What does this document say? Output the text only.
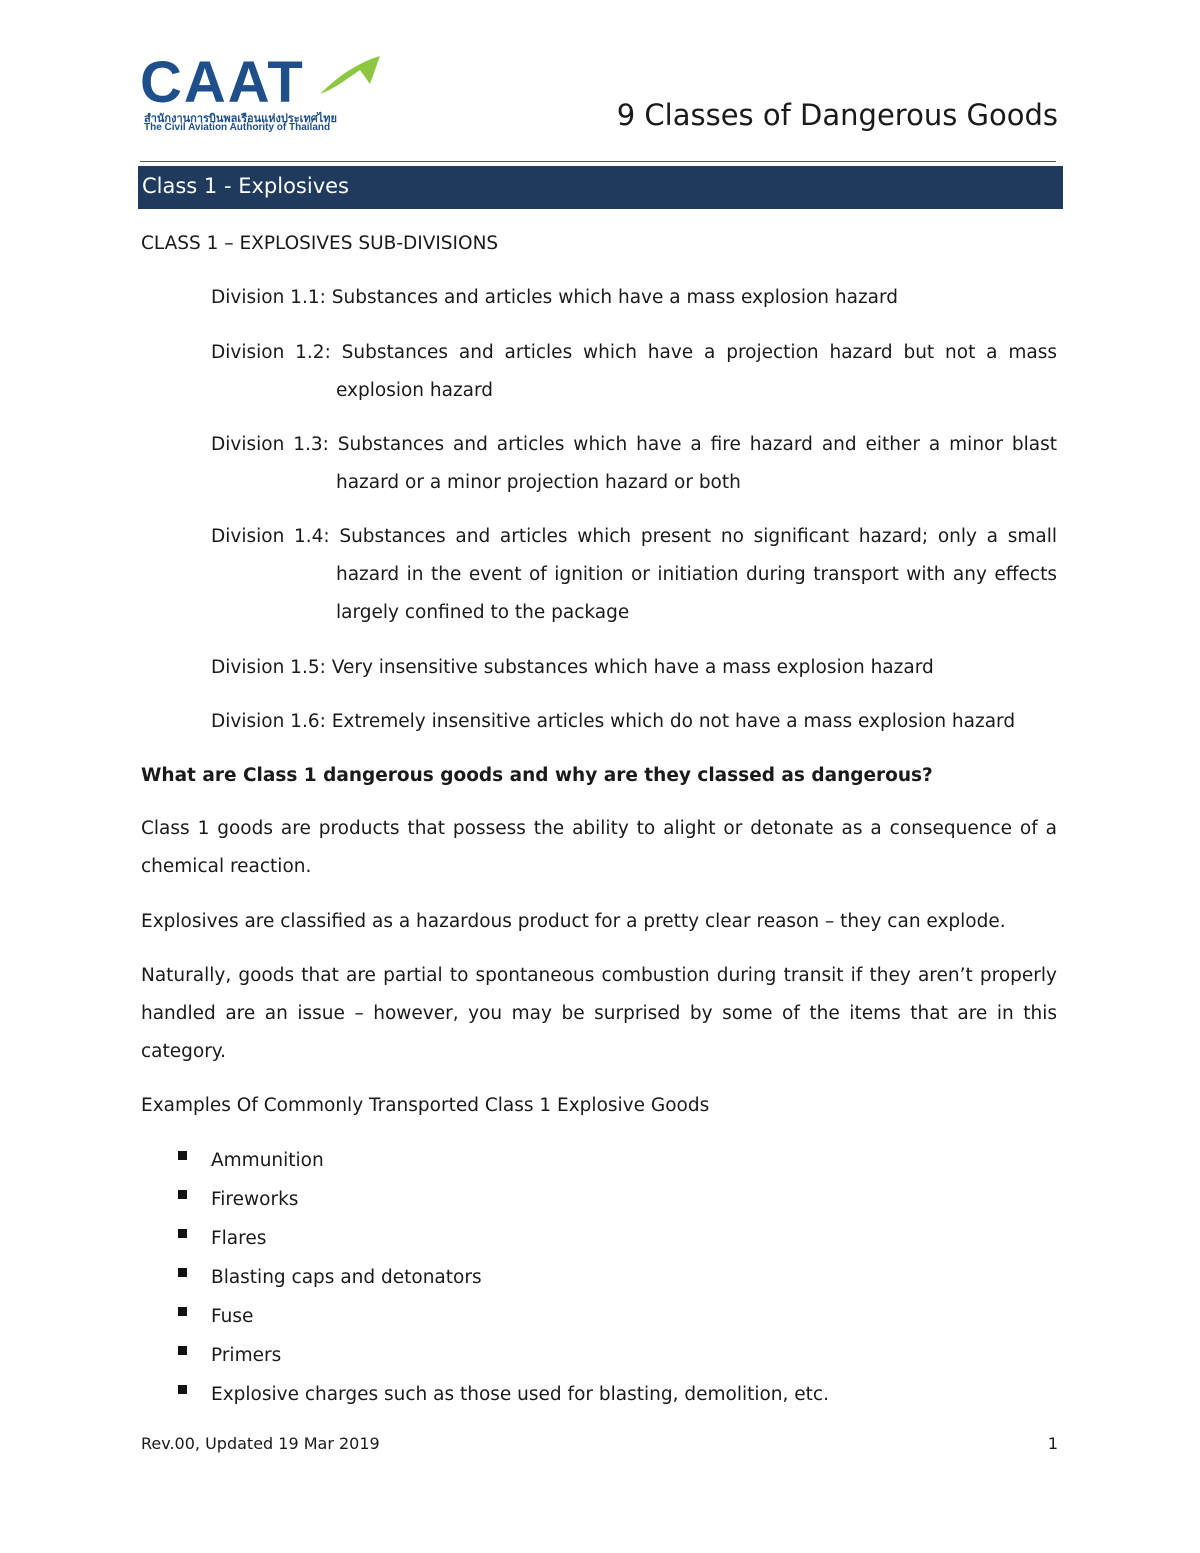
CAAT
สำนักงานการบินพลเรือนแห่งประเทศไทย
The Civil Aviation Authority of Thailand	9 Classes of Dangerous Goods
Class 1 - Explosives
CLASS 1 – EXPLOSIVES SUB-DIVISIONS
Division 1.1: Substances and articles which have a mass explosion hazard
Division 1.2: Substances and articles which have a projection hazard but not a mass explosion hazard
Division 1.3: Substances and articles which have a fire hazard and either a minor blast hazard or a minor projection hazard or both
Division 1.4: Substances and articles which present no significant hazard; only a small hazard in the event of ignition or initiation during transport with any effects largely confined to the package
Division 1.5: Very insensitive substances which have a mass explosion hazard
Division 1.6: Extremely insensitive articles which do not have a mass explosion hazard
What are Class 1 dangerous goods and why are they classed as dangerous?
Class 1 goods are products that possess the ability to alight or detonate as a consequence of a chemical reaction.
Explosives are classified as a hazardous product for a pretty clear reason – they can explode.
Naturally, goods that are partial to spontaneous combustion during transit if they aren’t properly handled are an issue – however, you may be surprised by some of the items that are in this category.
Examples Of Commonly Transported Class 1 Explosive Goods
Ammunition
Fireworks
Flares
Blasting caps and detonators
Fuse
Primers
Explosive charges such as those used for blasting, demolition, etc.
Rev.00, Updated 19 Mar 2019	1
